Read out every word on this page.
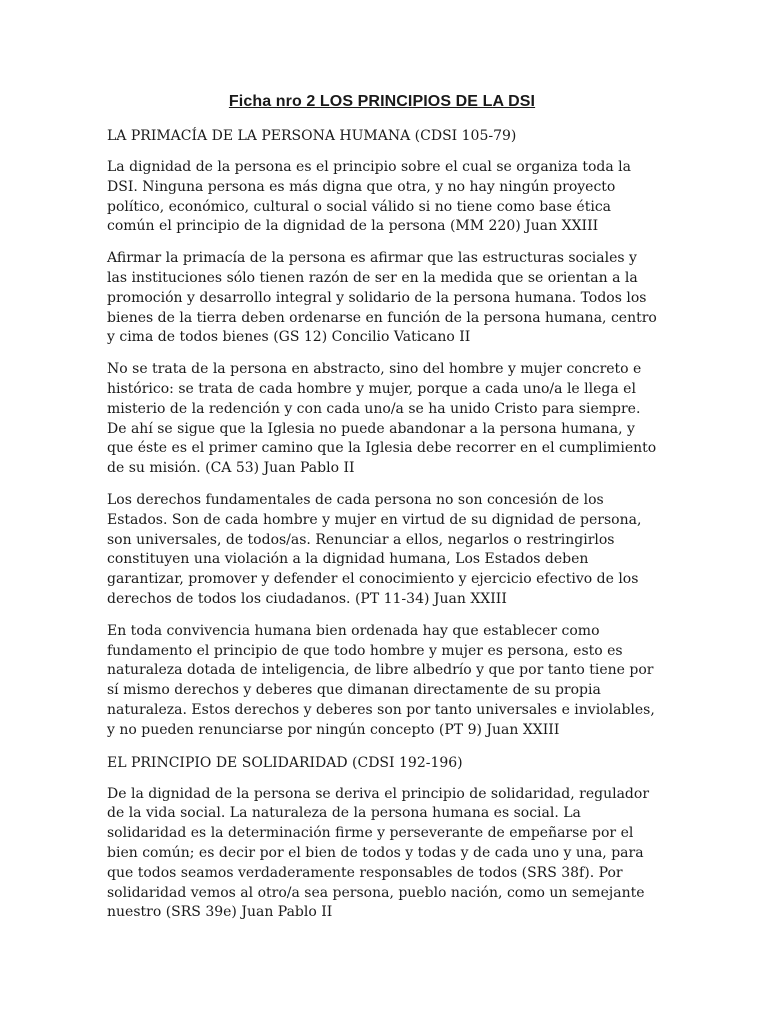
Ficha nro 2 LOS PRINCIPIOS DE LA DSI

LA PRIMACÍA DE LA PERSONA HUMANA (CDSI 105-79)

La dignidad de la persona es el principio sobre el cual se organiza toda la DSI. Ninguna persona es más digna que otra, y no hay ningún proyecto político, económico, cultural o social válido si no tiene como base ética común el principio de la dignidad de la persona (MM 220) Juan XXIII

Afirmar la primacía de la persona es afirmar que las estructuras sociales y las instituciones sólo tienen razón de ser en la medida que se orientan a la promoción y desarrollo integral y solidario de la persona humana. Todos los bienes de la tierra deben ordenarse en función de la persona humana, centro y cima de todos bienes (GS 12) Concilio Vaticano II

No se trata de la persona en abstracto, sino del hombre y mujer concreto e histórico: se trata de cada hombre y mujer, porque a cada uno/a le llega el misterio de la redención y con cada uno/a se ha unido Cristo para siempre. De ahí se sigue que la Iglesia no puede abandonar a la persona humana, y que éste es el primer camino que la Iglesia debe recorrer en el cumplimiento de su misión. (CA 53) Juan Pablo II

Los derechos fundamentales de cada persona no son concesión de los Estados. Son de cada hombre y mujer en virtud de su dignidad de persona, son universales, de todos/as. Renunciar a ellos, negarlos o restringirlos constituyen una violación a la dignidad humana, Los Estados deben garantizar, promover y defender el conocimiento y ejercicio efectivo de los derechos de todos los ciudadanos. (PT 11-34) Juan XXIII

En toda convivencia humana bien ordenada hay que establecer como fundamento el principio de que todo hombre y mujer es persona, esto es naturaleza dotada de inteligencia, de libre albedrío y que por tanto tiene por sí mismo derechos y deberes que dimanan directamente de su propia naturaleza. Estos derechos y deberes son por tanto universales e inviolables, y no pueden renunciarse por ningún concepto (PT 9) Juan XXIII

EL PRINCIPIO DE SOLIDARIDAD (CDSI 192-196)

De la dignidad de la persona se deriva el principio de solidaridad, regulador de la vida social. La naturaleza de la persona humana es social. La solidaridad es la determinación firme y perseverante de empeñarse por el bien común; es decir por el bien de todos y todas y de cada uno y una, para que todos seamos verdaderamente responsables de todos (SRS 38f). Por solidaridad vemos al otro/a sea persona, pueblo nación, como un semejante nuestro (SRS 39e) Juan Pablo II
